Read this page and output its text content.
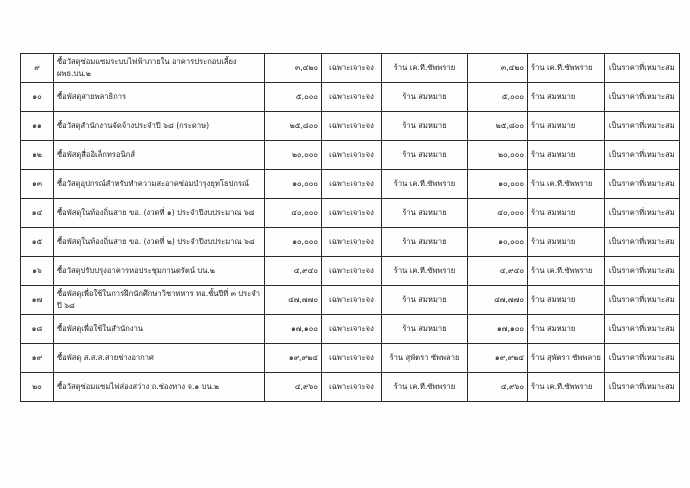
๙	ซื้อวัสดุซ่อมแซมระบบไฟฟ้าภายใน อาคารประกอบเลี้ยง ผพธ.บน.๒	๓,๔๒๐	เฉพาะเจาะจง	ร้าน เค.ที.ซัพพราย	๓,๔๒๐	ร้าน เค.ที.ซัพพราย	เป็นราคาที่เหมาะสม

๑๐	ซื้อพัสดุสายพลาธิการ	๕,๐๐๐	เฉพาะเจาะจง	ร้าน สมหมาย	๕,๐๐๐	ร้าน สมหมาย	เป็นราคาที่เหมาะสม

๑๑	ซื้อวัสดุสำนักงานจัดจ้างประจำปี ๖๘ (กระดาษ)	๒๕,๘๐๐	เฉพาะเจาะจง	ร้าน สมหมาย	๒๕,๘๐๐	ร้าน สมหมาย	เป็นราคาที่เหมาะสม

๑๒	ซื้อพัสดุสื่ออิเล็กทรอนิกส์	๒๐,๐๐๐	เฉพาะเจาะจง	ร้าน สมหมาย	๒๐,๐๐๐	ร้าน สมหมาย	เป็นราคาที่เหมาะสม

๑๓	ซื้อวัสดุอุปกรณ์สำหรับทำความสะอาดซ่อมบำรุงยุทโธปกรณ์	๑๐,๐๐๐	เฉพาะเจาะจง	ร้าน เค.ที.ซัพพราย	๑๐,๐๐๐	ร้าน เค.ที.ซัพพราย	เป็นราคาที่เหมาะสม

๑๔	ซื้อพัสดุในท้องถิ่นสาย ขอ. (งวดที่ ๑) ประจำปีงบประมาณ ๖๘	๔๐,๐๐๐	เฉพาะเจาะจง	ร้าน สมหมาย	๔๐,๐๐๐	ร้าน สมหมาย	เป็นราคาที่เหมาะสม

๑๕	ซื้อพัสดุในท้องถิ่นสาย ขอ. (งวดที่ ๒) ประจำปีงบประมาณ ๖๘	๑๐,๐๐๐	เฉพาะเจาะจง	ร้าน สมหมาย	๑๐,๐๐๐	ร้าน สมหมาย	เป็นราคาที่เหมาะสม

๑๖	ซื้อวัสดุปรับปรุงอาคารหอประชุมกานตรัตน์ บน.๒	๔,๙๔๐	เฉพาะเจาะจง	ร้าน เค.ที.ซัพพราย	๔,๙๔๐	ร้าน เค.ที.ซัพพราย	เป็นราคาที่เหมาะสม

๑๗	ซื้อพัสดุเพื่อใช้ในการฝึกนักศึกษาวิชาทหาร ทอ.ชั้นปีที่ ๓ ประจำปี ๖๘	๔๗,๗๗๐	เฉพาะเจาะจง	ร้าน สมหมาย	๔๗,๗๗๐	ร้าน สมหมาย	เป็นราคาที่เหมาะสม

๑๘	ซื้อพัสดุเพื่อใช้ในสำนักงาน	๑๗,๑๐๐	เฉพาะเจาะจง	ร้าน สมหมาย	๑๗,๑๐๐	ร้าน สมหมาย	เป็นราคาที่เหมาะสม

๑๙	ซื้อพัสดุ ส.ส.ส.สายช่างอากาศ	๑๙,๙๒๔	เฉพาะเจาะจง	ร้าน สุพัตรา ซัพพลาย	๑๙,๙๒๔	ร้าน สุพัตรา ซัพพลาย	เป็นราคาที่เหมาะสม

๒๐	ซื้อวัสดุซ่อมแซมไฟส่องสว่าง ถ.ช่องทาง จ.๑ บน.๒	๔,๙๖๐	เฉพาะเจาะจง	ร้าน เค.ที.ซัพพราย	๔,๙๖๐	ร้าน เค.ที.ซัพพราย	เป็นราคาที่เหมาะสม
